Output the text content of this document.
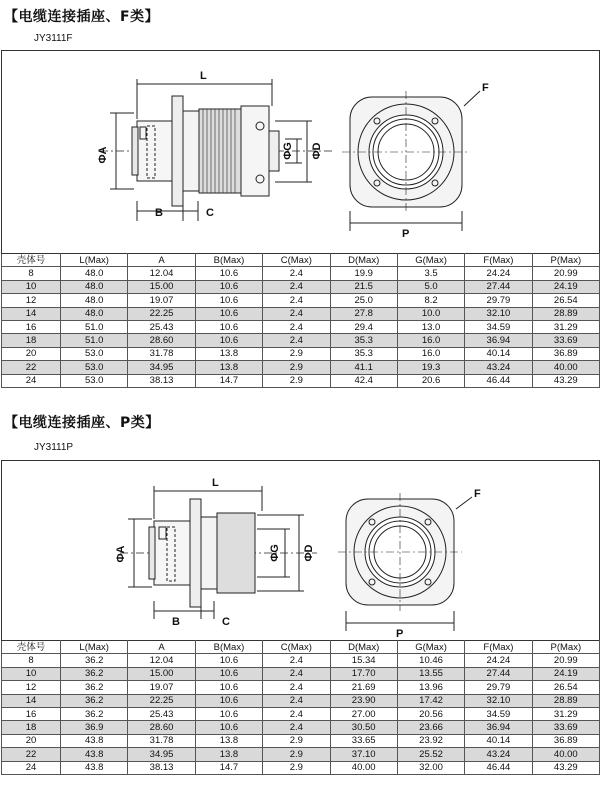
【电缆连接插座、F类】
JY3111F
L
ΦA
B	C
ΦG ΦD
F
P
壳体号	L(Max)	A	B(Max)	C(Max)	D(Max)	G(Max)	F(Max)	P(Max)
8	48.0	12.04	10.6	2.4	19.9	3.5	24.24	20.99
10	48.0	15.00	10.6	2.4	21.5	5.0	27.44	24.19
12	48.0	19.07	10.6	2.4	25.0	8.2	29.79	26.54
14	48.0	22.25	10.6	2.4	27.8	10.0	32.10	28.89
16	51.0	25.43	10.6	2.4	29.4	13.0	34.59	31.29
18	51.0	28.60	10.6	2.4	35.3	16.0	36.94	33.69
20	53.0	31.78	13.8	2.9	35.3	16.0	40.14	36.89
22	53.0	34.95	13.8	2.9	41.1	19.3	43.24	40.00
24	53.0	38.13	14.7	2.9	42.4	20.6	46.44	43.29
【电缆连接插座、P类】
JY3111P
L
ΦA
B	C
ΦG ΦD
F
P
壳体号	L(Max)	A	B(Max)	C(Max)	D(Max)	G(Max)	F(Max)	P(Max)
8	36.2	12.04	10.6	2.4	15.34	10.46	24.24	20.99
10	36.2	15.00	10.6	2.4	17.70	13.55	27.44	24.19
12	36.2	19.07	10.6	2.4	21.69	13.96	29.79	26.54
14	36.2	22.25	10.6	2.4	23.90	17.42	32.10	28.89
16	36.2	25.43	10.6	2.4	27.00	20.56	34.59	31.29
18	36.9	28.60	10.6	2.4	30.50	23.66	36.94	33.69
20	43.8	31.78	13.8	2.9	33.65	23.92	40.14	36.89
22	43.8	34.95	13.8	2.9	37.10	25.52	43.24	40.00
24	43.8	38.13	14.7	2.9	40.00	32.00	46.44	43.29
